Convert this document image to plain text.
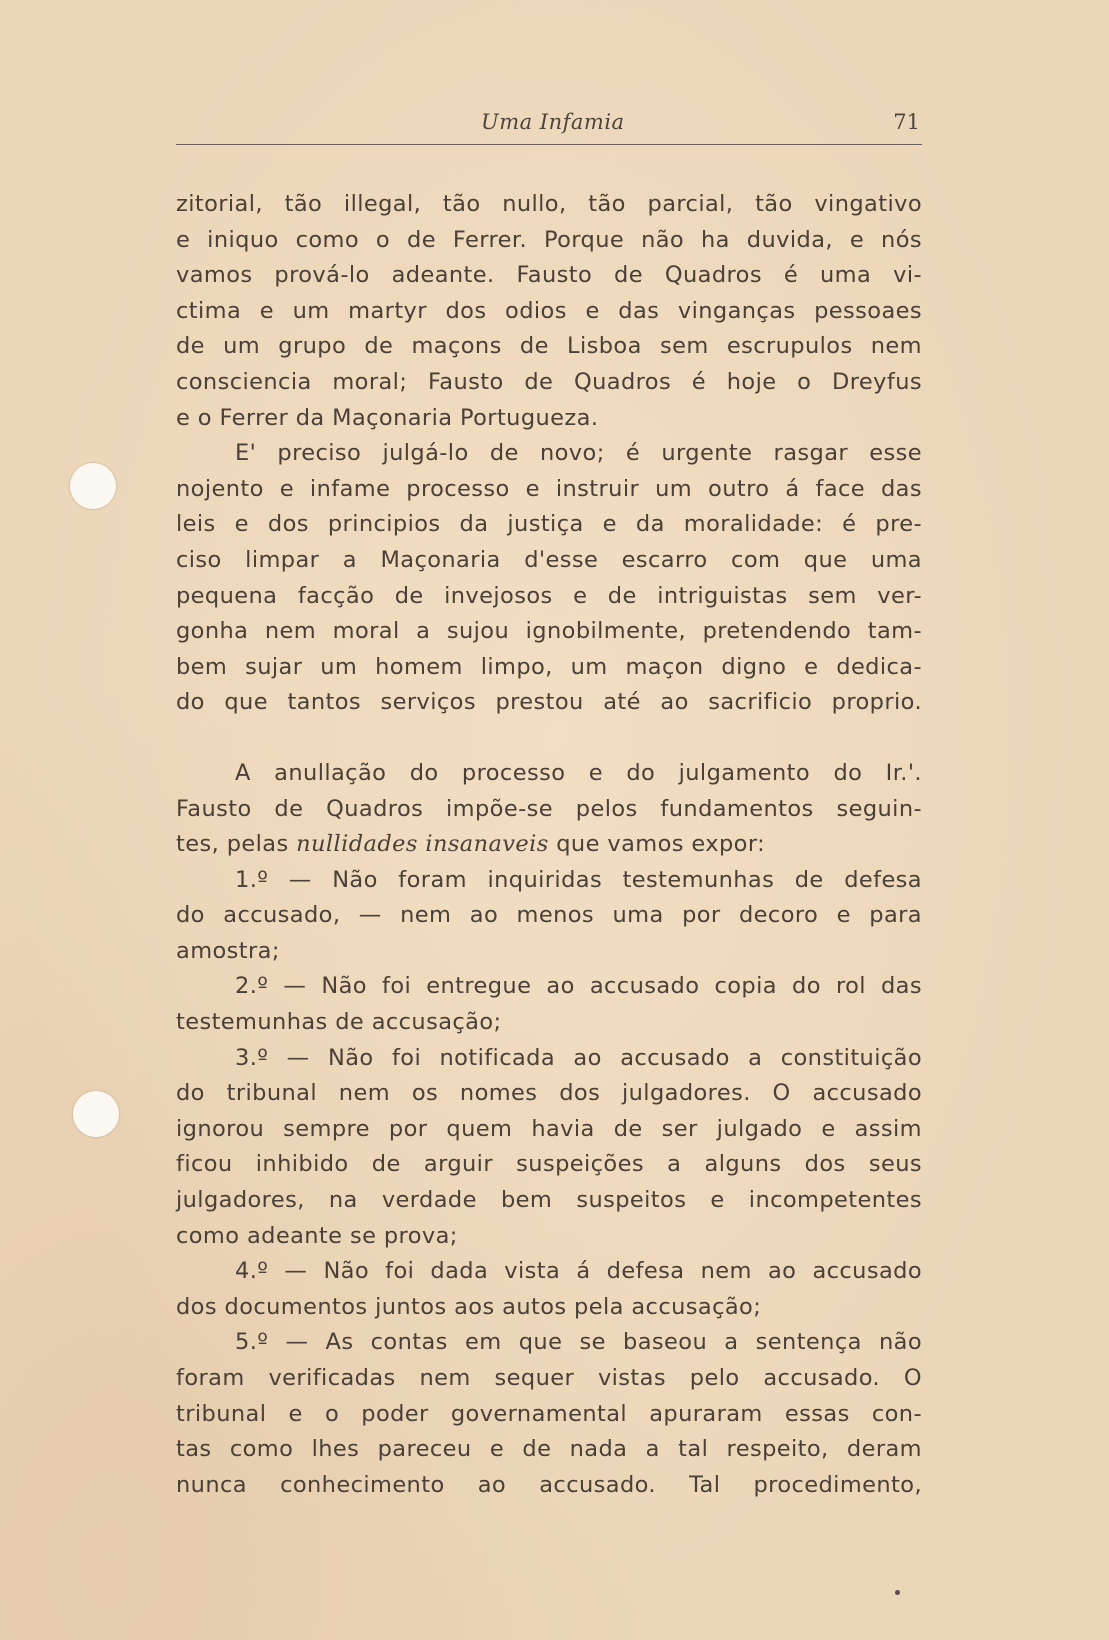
Uma Infamia	71
zitorial, tão illegal, tão nullo, tão parcial, tão vingativo
e iniquo como o de Ferrer. Porque não ha duvida, e nós
vamos prová-lo adeante. Fausto de Quadros é uma vi-
ctima e um martyr dos odios e das vinganças pessoaes
de um grupo de maçons de Lisboa sem escrupulos nem
consciencia moral; Fausto de Quadros é hoje o Dreyfus
e o Ferrer da Maçonaria Portugueza.
E' preciso julgá-lo de novo; é urgente rasgar esse
nojento e infame processo e instruir um outro á face das
leis e dos principios da justiça e da moralidade: é pre-
ciso limpar a Maçonaria d'esse escarro com que uma
pequena facção de invejosos e de intriguistas sem ver-
gonha nem moral a sujou ignobilmente, pretendendo tam-
bem sujar um homem limpo, um maçon digno e dedica-
do que tantos serviços prestou até ao sacrificio proprio.
A anullação do processo e do julgamento do Ir.'.
Fausto de Quadros impõe-se pelos fundamentos seguin-
tes, pelas nullidades insanaveis que vamos expor:
1.º — Não foram inquiridas testemunhas de defesa
do accusado, — nem ao menos uma por decoro e para
amostra;
2.º — Não foi entregue ao accusado copia do rol das
testemunhas de accusação;
3.º — Não foi notificada ao accusado a constituição
do tribunal nem os nomes dos julgadores. O accusado
ignorou sempre por quem havia de ser julgado e assim
ficou inhibido de arguir suspeições a alguns dos seus
julgadores, na verdade bem suspeitos e incompetentes
como adeante se prova;
4.º — Não foi dada vista á defesa nem ao accusado
dos documentos juntos aos autos pela accusação;
5.º — As contas em que se baseou a sentença não
foram verificadas nem sequer vistas pelo accusado. O
tribunal e o poder governamental apuraram essas con-
tas como lhes pareceu e de nada a tal respeito, deram
nunca conhecimento ao accusado. Tal procedimento,
